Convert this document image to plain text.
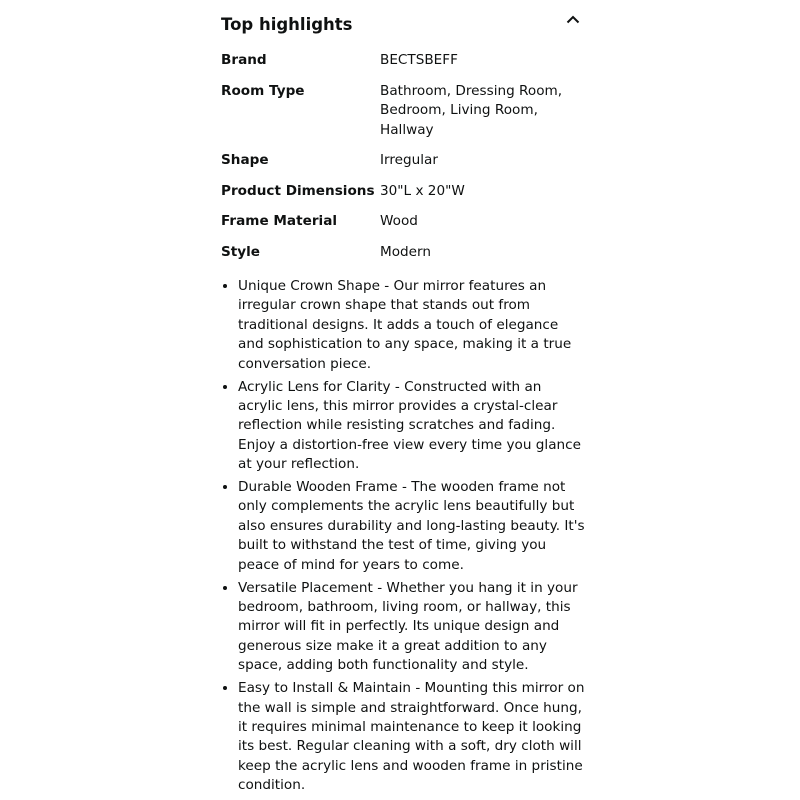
Top highlights
Brand	BECTSBEFF
Room Type	Bathroom, Dressing Room, Bedroom, Living Room, Hallway
Shape	Irregular
Product Dimensions	30"L x 20"W
Frame Material	Wood
Style	Modern
• Unique Crown Shape - Our mirror features an irregular crown shape that stands out from traditional designs. It adds a touch of elegance and sophistication to any space, making it a true conversation piece.
• Acrylic Lens for Clarity - Constructed with an acrylic lens, this mirror provides a crystal-clear reflection while resisting scratches and fading. Enjoy a distortion-free view every time you glance at your reflection.
• Durable Wooden Frame - The wooden frame not only complements the acrylic lens beautifully but also ensures durability and long-lasting beauty. It's built to withstand the test of time, giving you peace of mind for years to come.
• Versatile Placement - Whether you hang it in your bedroom, bathroom, living room, or hallway, this mirror will fit in perfectly. Its unique design and generous size make it a great addition to any space, adding both functionality and style.
• Easy to Install & Maintain - Mounting this mirror on the wall is simple and straightforward. Once hung, it requires minimal maintenance to keep it looking its best. Regular cleaning with a soft, dry cloth will keep the acrylic lens and wooden frame in pristine condition.
